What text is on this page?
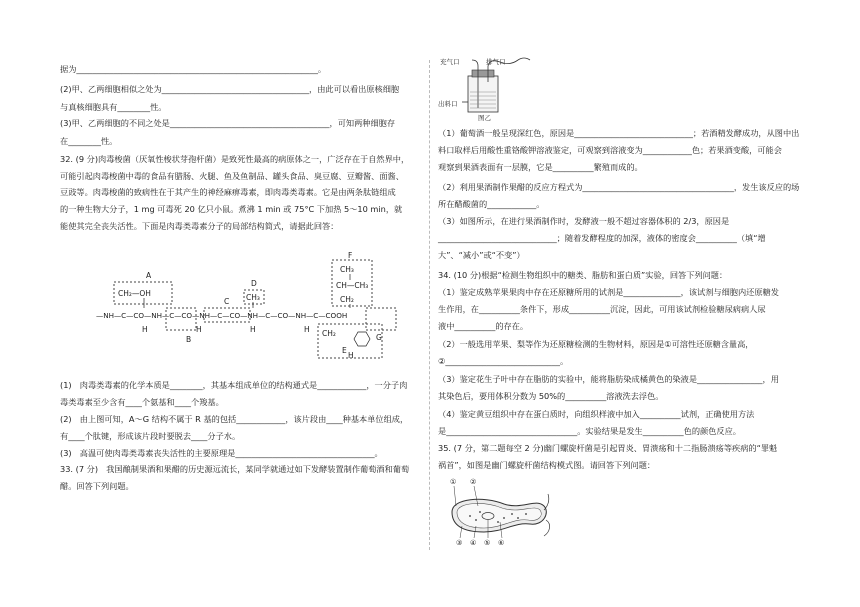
据为___________________________________________________________。
(2)甲、乙两细胞相似之处为____________________________________，由此可以看出原核细胞
与真核细胞具有________性。
(3)甲、乙两细胞的不同之处是_______________________________________，可知两种细胞存
在________性。
32. (9 分)肉毒梭菌（厌氧性梭状芽孢杆菌）是致死性最高的病原体之一，广泛存在于自然界中，
可能引起肉毒梭菌中毒的食品有腊肠、火腿、鱼及鱼制品、罐头食品、臭豆腐、豆瓣酱、面酱、
豆豉等。肉毒梭菌的致病性在于其产生的神经麻痹毒素，即肉毒类毒素。它是由两条肽链组成
的一种生物大分子，1 mg 可毒死 20 亿只小鼠。煮沸 1 min 或 75°C 下加热 5～10 min，就
能使其完全丧失活性。下面是肉毒类毒素分子的局部结构简式，请据此回答：
A
B
C
D
E
F
G
CH₂—OH	CH₃
CH₃
CH—CH₃
CH₂
CH₂
—NH—C—CO—NH—C—CO—NH—C—CO—NH—C—CO—NH—C—COOH
H	H	H	H
H
(1)　肉毒类毒素的化学本质是________，其基本组成单位的结构通式是____________，一分子肉
毒类毒素至少含有____个氨基和____个羧基。
(2)　由上图可知，A～G 结构不属于 R 基的包括____________，该片段由____种基本单位组成，
有____个肽键，形成该片段时要脱去____分子水。
(3)　高温可使肉毒类毒素丧失活性的主要原理是__________________________________。
33. (7 分)　我国酿制果酒和果醋的历史源远流长，某同学就通过如下发酵装置制作葡萄酒和葡萄
醋。回答下列问题。
充气口	排气口
出料口
图乙
（1）葡萄酒一般呈现深红色，原因是_____________________________；若酒精发酵成功，从图中出
料口取样后用酸性重铬酸钾溶液鉴定，可观察到溶液变为____________色；若果酒变酸，可能会
观察到果酒表面有一层膜，它是__________繁殖而成的。
（2）利用果酒制作果醋的反应方程式为_____________________________________，发生该反应的场
所在醋酸菌的____________。
（3）如图所示，在进行果酒制作时，发酵液一般不超过容器体积的 2/3，原因是
_____________________________；随着发酵程度的加深，液体的密度会__________（填“增
大”、“减小”或“不变”）
34. (10 分)根据“检测生物组织中的糖类、脂肪和蛋白质”实验，回答下列问题：
（1）鉴定成熟苹果果肉中存在还原糖所用的试剂是______________，该试剂与细胞内还原糖发
生作用，在__________条件下，形成__________沉淀，因此，可用该试剂检验糖尿病病人尿
液中__________的存在。
（2）一般选用苹果、梨等作为还原糖检测的生物材料，原因是①可溶性还原糖含量高，
②____________________________。
（3）鉴定花生子叶中存在脂肪的实验中，能将脂肪染成橘黄色的染液是________________，用
其染色后，要用体积分数为 50%的__________溶液洗去浮色。
（4）鉴定黄豆组织中存在蛋白质时，向组织样液中加入__________试剂，正确使用方法
是________________________________。实验结果是发生__________色的颜色反应。
35. (7 分，第二题每空 2 分)幽门螺旋杆菌是引起胃炎、胃溃疡和十二指肠溃疡等疾病的“罪魁
祸首”，如图是幽门螺旋杆菌结构模式图。请回答下列问题：
① ②
③ ④ ⑤ ⑥
